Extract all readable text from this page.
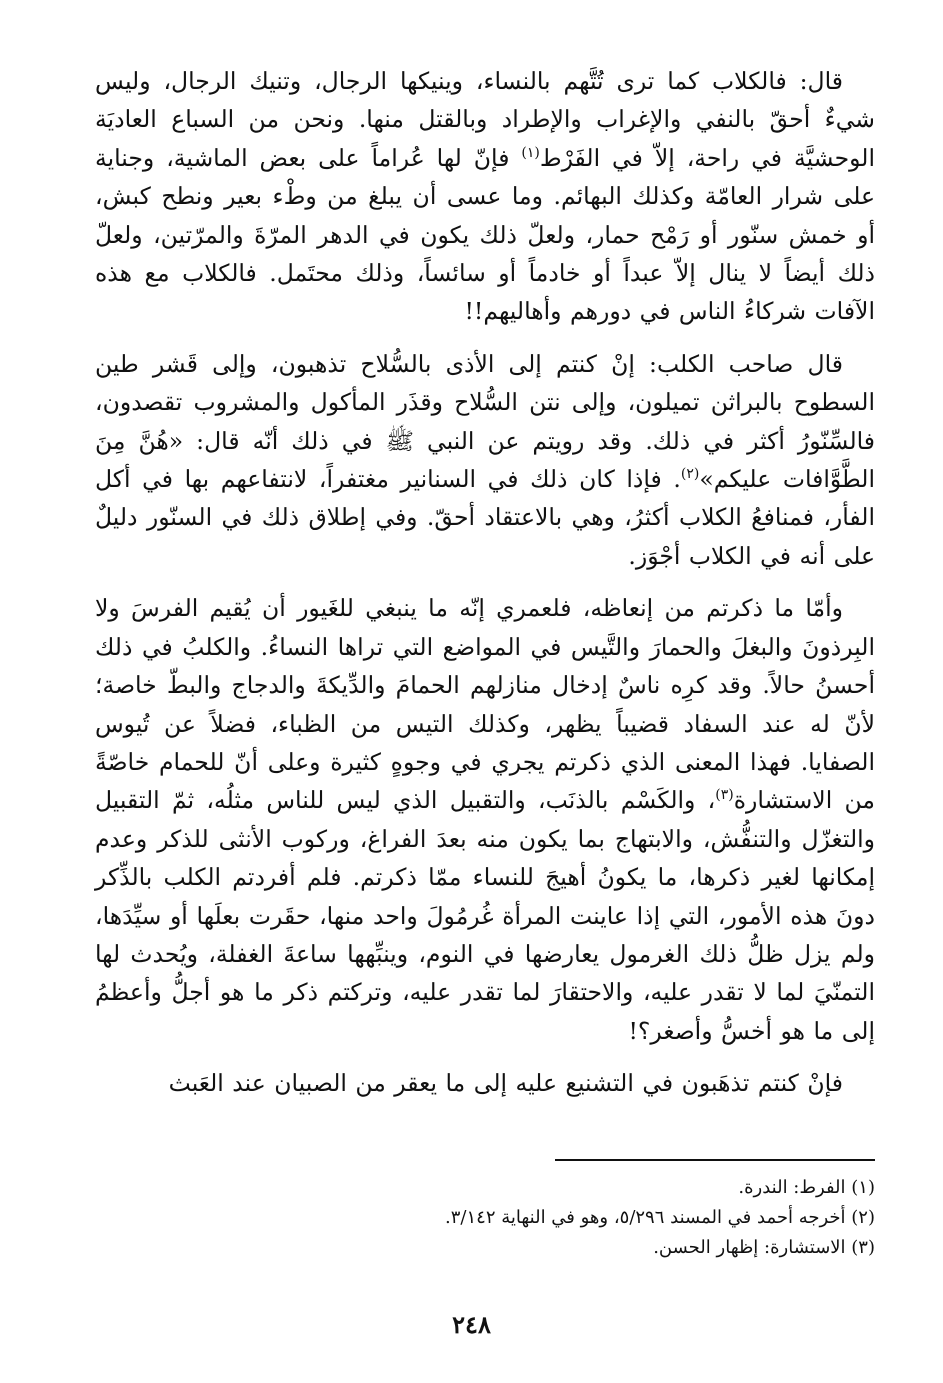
قال: فالكلاب كما ترى تُتَّهم بالنساء، وينيكها الرجال، وتنيك الرجال، وليس شيءٌ أحقّ بالنفي والإغراب والإطراد وبالقتل منها. ونحن من السباع العاديَة الوحشيَّة في راحة، إلاّ في الفَرْط$^{(١)}$ فإنّ لها عُراماً على بعض الماشية، وجناية على شرار العامّة وكذلك البهائم. وما عسى أن يبلغ من وطْء بعير ونطح كبش، أو خمش سنّور أو رَمْح حمار، ولعلّ ذلك يكون في الدهر المرّةَ والمرّتين، ولعلّ ذلك أيضاً لا ينال إلاّ عبداً أو خادماً أو سائساً، وذلك محتَمل. فالكلاب مع هذه الآفات شركاءُ الناس في دورهم وأهاليهم!!

قال صاحب الكلب: إنْ كنتم إلى الأذى بالسُّلاح تذهبون، وإلى قَشر طين السطوح بالبراثن تميلون، وإلى نتن السُّلاح وقذَر المأكول والمشروب تقصدون، فالسِّنّورُ أكثر في ذلك. وقد رويتم عن النبي ﷺ في ذلك أنّه قال: «هُنَّ مِنَ الطَّوَّافات عليكم»$^{(٢)}$. فإذا كان ذلك في السنانير مغتفراً، لانتفاعهم بها في أكل الفأر، فمنافعُ الكلاب أكثرُ، وهي بالاعتقاد أحقّ. وفي إطلاق ذلك في السنّور دليلٌ على أنه في الكلاب أجْوَز.

وأمّا ما ذكرتم من إنعاظه، فلعمري إنّه ما ينبغي للغَيور أن يُقيم الفرسَ ولا البِرذونَ والبغلَ والحمارَ والتَّيس في المواضع التي تراها النساءُ. والكلبُ في ذلك أحسنُ حالاً. وقد كرِه ناسٌ إدخال منازلهم الحمامَ والدِّيكةَ والدجاج والبطّ خاصة؛ لأنّ له عند السفاد قضيباً يظهر، وكذلك التيس من الظباء، فضلاً عن تُيوس الصفايا. فهذا المعنى الذي ذكرتم يجري في وجوهٍ كثيرة وعلى أنّ للحمام خاصّةً من الاستشارة$^{(٣)}$، والكَسْم بالذنَب، والتقبيل الذي ليس للناس مثلُه، ثمّ التقبيل والتغزّل والتنفُّش، والابتهاج بما يكون منه بعدَ الفراغ، وركوب الأنثى للذكر وعدم إمكانها لغير ذكرها، ما يكونُ أهيجَ للنساء ممّا ذكرتم. فلم أفردتم الكلب بالذِّكر دونَ هذه الأمور، التي إذا عاينت المرأة غُرمُولَ واحد منها، حقَرت بعلَها أو سيِّدَها، ولم يزل ظلُّ ذلك الغرمول يعارضها في النوم، وينبِّهها ساعةَ الغفلة، ويُحدث لها التمنّيَ لما لا تقدر عليه، والاحتقارَ لما تقدر عليه، وتركتم ذكر ما هو أجلُّ وأعظمُ إلى ما هو أخسُّ وأصغر؟!

فإنْ كنتم تذهَبون في التشنيع عليه إلى ما يعقر من الصبيان عند العَبث

(١) الفرط: الندرة.

(٢) أخرجه أحمد في المسند ٥/٢٩٦، وهو في النهاية ٣/١٤٢.

(٣) الاستشارة: إظهار الحسن.

٢٤٨
